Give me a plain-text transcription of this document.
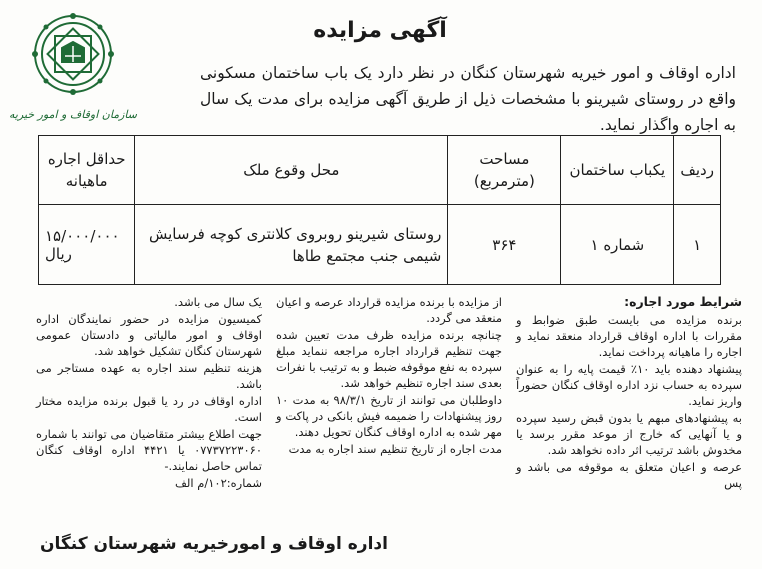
سازمان اوقاف و امور خیریه
آگهی مزایده
اداره اوقاف و امور خیریه شهرستان کنگان در نظر دارد یک باب ساختمان مسکونی واقع در روستای شیرینو با مشخصات ذیل از طریق آگهی مزایده برای مدت یک سال به اجاره واگذار نماید.
ردیف	یکباب ساختمان	مساحت (مترمربع)	محل وقوع ملک	حداقل اجاره ماهیانه
۱	شماره ۱	۳۶۴	روستای شیرینو روبروی کلانتری کوچه فرسایش شیمی جنب مجتمع طاها	۱۵/۰۰۰/۰۰۰ ریال

شرایط مورد اجاره:

برنده مزایده می بایست طبق ضوابط و مقررات با اداره اوقاف قرارداد منعقد نماید و اجاره را ماهیانه پرداخت نماید.

پیشنهاد دهنده باید ۱۰٪ قیمت پایه را به عنوان سپرده به حساب نزد اداره اوقاف کنگان حضوراً واریز نماید.

به پیشنهادهای مبهم یا بدون قبض رسید سپرده و یا آنهایی که خارج از موعد مقرر برسد یا مخدوش باشد ترتیب اثر داده نخواهد شد.

عرصه و اعیان متعلق به موقوفه می باشد و پس

از مزایده با برنده مزایده قرارداد عرصه و اعیان منعقد می گردد.

چنانچه برنده مزایده ظرف مدت تعیین شده جهت تنظیم قرارداد اجاره مراجعه ننماید مبلغ سپرده به نفع موقوفه ضبط و به ترتیب با نفرات بعدی سند اجاره تنظیم خواهد شد.

داوطلبان می توانند از تاریخ ۹۸/۳/۱ به مدت ۱۰ روز پیشنهادات را ضمیمه فیش بانکی در پاکت و مهر شده به اداره اوقاف کنگان تحویل دهند.

مدت اجاره از تاریخ تنظیم سند اجاره به مدت

یک سال می باشد.

کمیسیون مزایده در حضور نمایندگان اداره اوقاف و امور مالیاتی و دادستان عمومی شهرستان کنگان تشکیل خواهد شد.

هزینه تنظیم سند اجاره به عهده مستاجر می باشد.

اداره اوقاف در رد یا قبول برنده مزایده مختار است.

جهت اطلاع بیشتر متقاضیان می توانند با شماره ۰۷۷۳۷۲۲۳۰۶۰ یا ۴۴۲۱ اداره اوقاف کنگان تماس حاصل نمایند.-

شماره:۱۰۲/م الف

اداره اوقاف و امورخیریه شهرستان کنگان
